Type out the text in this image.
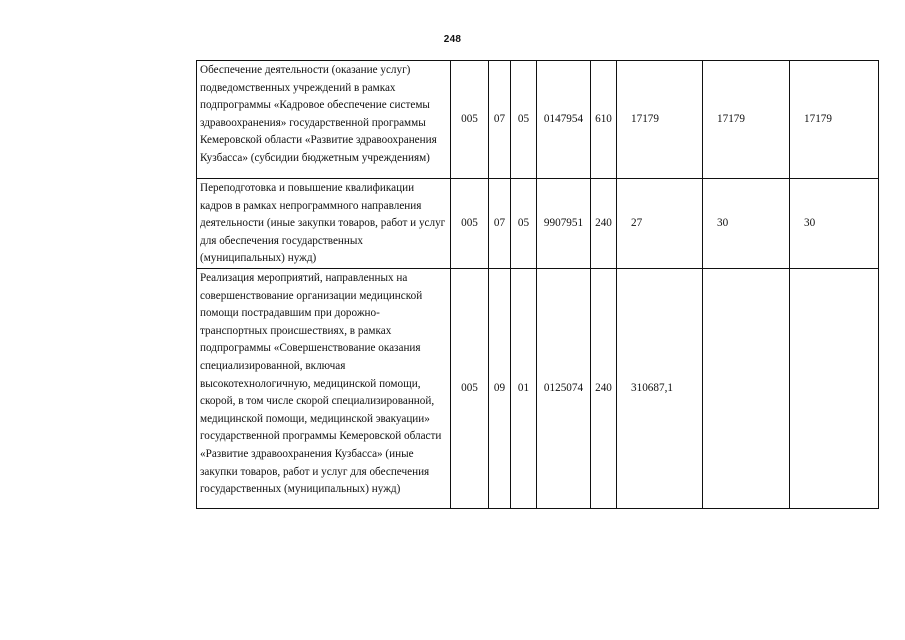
248
Обеспечение деятельности (оказание услуг) подведомственных учреждений в рамках подпрограммы «Кадровое обеспечение системы здравоохранения» государственной программы Кемеровской области «Развитие здравоохранения Кузбасса» (субсидии бюджетным учреждениям)	005	07	05	0147954	610	17179	17179	17179
Переподготовка и повышение квалификации кадров в рамках непрограммного направления деятельности (иные закупки товаров, работ и услуг для обеспечения государственных (муниципальных) нужд)	005	07	05	9907951	240	27	30	30
Реализация мероприятий, направленных на совершенствование организации медицинской помощи пострадавшим при дорожно-транспортных происшествиях, в рамках подпрограммы «Совершенствование оказания специализированной, включая высокотехнологичную, медицинской помощи, скорой, в том числе скорой специализированной, медицинской помощи, медицинской эвакуации» государственной программы Кемеровской области «Развитие здравоохранения Кузбасса» (иные закупки товаров, работ и услуг для обеспечения государственных (муниципальных) нужд)	005	09	01	0125074	240	310687,1		
